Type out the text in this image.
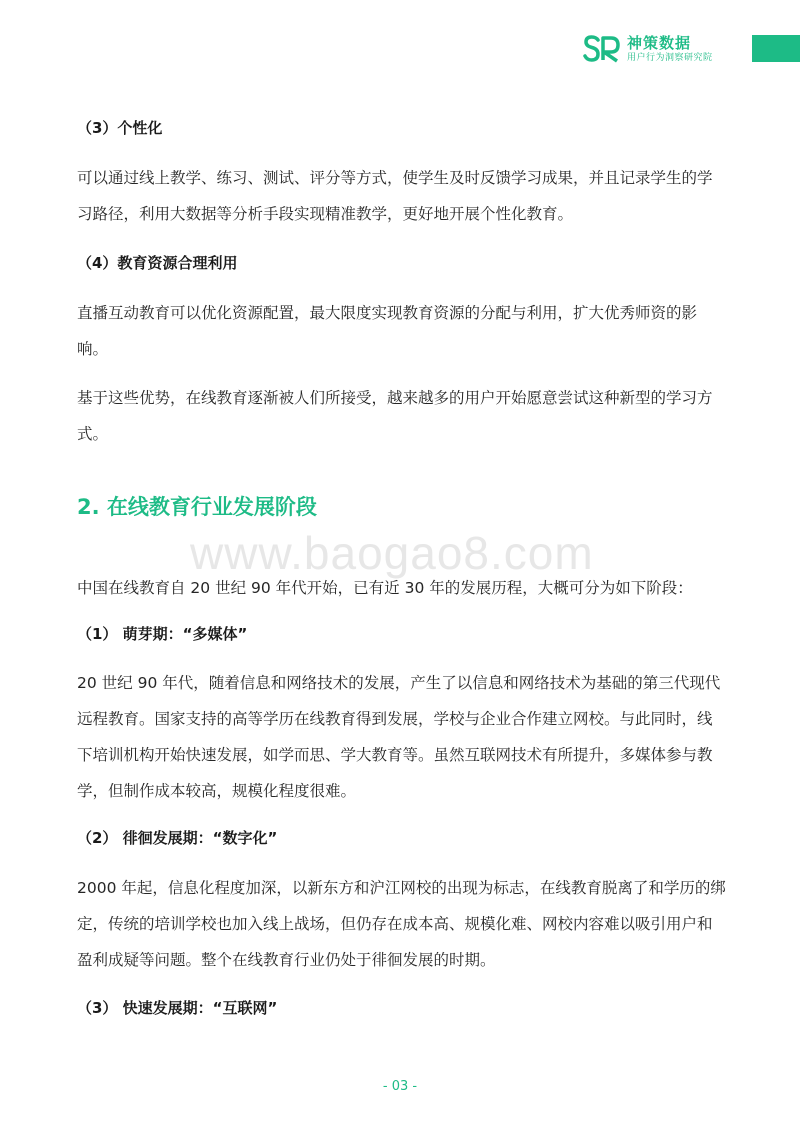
神策数据
用户行为洞察研究院
www.baogao8.com
（3）个性化
可以通过线上教学、练习、测试、评分等方式，使学生及时反馈学习成果，并且记录学生的学习路径，利用大数据等分析手段实现精准教学，更好地开展个性化教育。
（4）教育资源合理利用
直播互动教育可以优化资源配置，最大限度实现教育资源的分配与利用，扩大优秀师资的影响。
基于这些优势，在线教育逐渐被人们所接受，越来越多的用户开始愿意尝试这种新型的学习方式。
2. 在线教育行业发展阶段
中国在线教育自 20 世纪 90 年代开始，已有近 30 年的发展历程，大概可分为如下阶段：
（1） 萌芽期：“多媒体”
20 世纪 90 年代，随着信息和网络技术的发展，产生了以信息和网络技术为基础的第三代现代远程教育。国家支持的高等学历在线教育得到发展，学校与企业合作建立网校。与此同时，线下培训机构开始快速发展，如学而思、学大教育等。虽然互联网技术有所提升，多媒体参与教学，但制作成本较高，规模化程度很难。
（2） 徘徊发展期：“数字化”
2000 年起，信息化程度加深，以新东方和沪江网校的出现为标志，在线教育脱离了和学历的绑定，传统的培训学校也加入线上战场，但仍存在成本高、规模化难、网校内容难以吸引用户和盈利成疑等问题。整个在线教育行业仍处于徘徊发展的时期。
（3） 快速发展期：“互联网”
- 03 -
